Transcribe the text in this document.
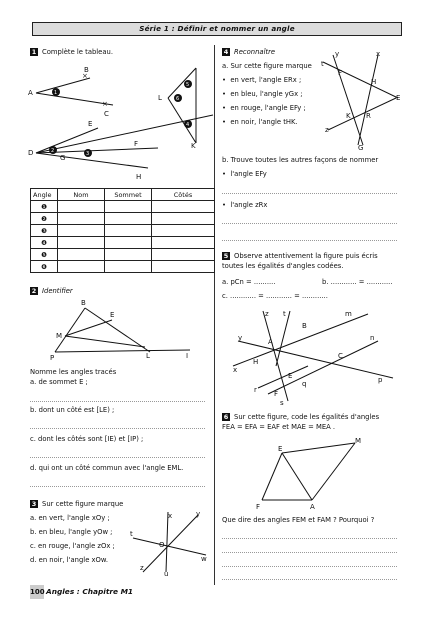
Série 1 : Définir et nommer un angle
1 Complète le tableau.
A
B
C
×
×
1
L
K
6
5
4
D
G
E
F
H
2	3
Angle	Nom	Sommet	Côtés
❶			
❷			
❸			
❹			
❺			
❻			
2 Identifier
P
B
M
E
L	I
Nomme les angles tracés
a. de sommet E ;
b. dont un côté est [LE) ;
c. dont les côtés sont [IE) et [IP) ;
d. qui ont un côté commun avec l'angle EML.
3 Sur cette figure marque
a. en vert, l'angle xOy ;
b. en bleu, l'angle yOw ;
c. en rouge, l'angle zOx ;
d. en noir, l'angle xOw.
x	y
t
w
z
u
O
4 Reconnaître
a. Sur cette figure marque
•  en vert, l'angle ERx ;
•  en bleu, l'angle yGx ;
•  en rouge, l'angle EFy ;
•  en noir, l'angle tHK.
y	x
t
F
H
E
K R
z
G
b. Trouve toutes les autres façons de nommer
•  l'angle EFy
•  l'angle zRx
5 Observe attentivement la figure puis écris
toutes les égalités d'angles codées.
a. pCn = ..........	b. ............ = ............
c. ............ = ............ = ............
z t
B
m
n
y	A
C
H
E
x
q
r F
s
p
6 Sur cette figure, code les égalités d'angles
FEA = EFA = EAF et MAE = MEA .
E
M
F	A
Que dire des angles FEM et FAM ? Pourquoi ?
100 Angles : Chapitre M1
